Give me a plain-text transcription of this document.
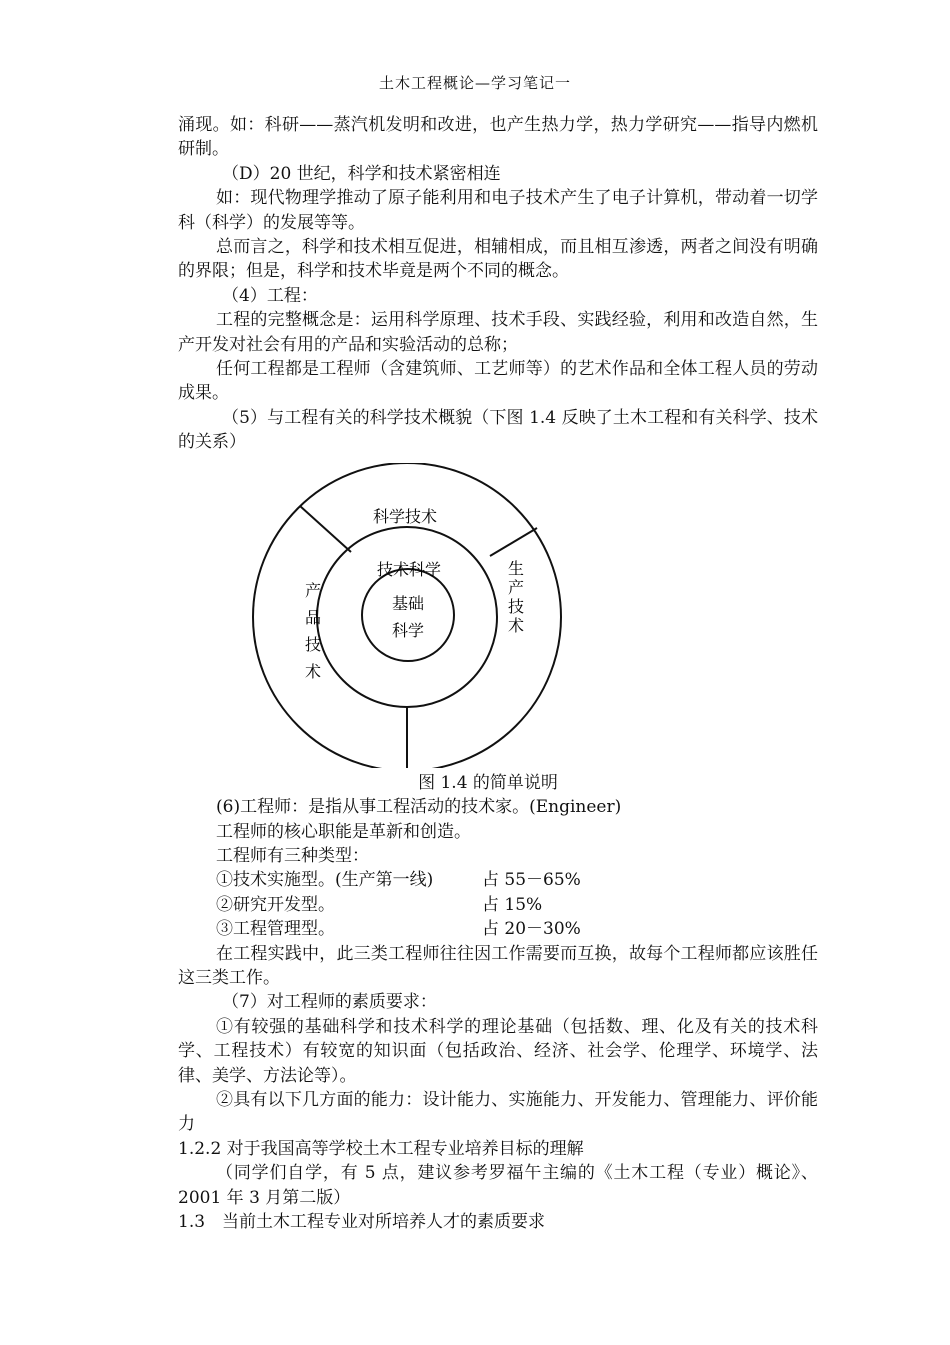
土木工程概论—学习笔记一

涌现。如：科研——蒸汽机发明和改进，也产生热力学，热力学研究——指导内燃机研制。

（D）20 世纪，科学和技术紧密相连

如：现代物理学推动了原子能利用和电子技术产生了电子计算机，带动着一切学科（科学）的发展等等。

总而言之，科学和技术相互促进，相辅相成，而且相互渗透，两者之间没有明确的界限；但是，科学和技术毕竟是两个不同的概念。

（4）工程：

工程的完整概念是：运用科学原理、技术手段、实践经验，利用和改造自然，生产开发对社会有用的产品和实验活动的总称；

任何工程都是工程师（含建筑师、工艺师等）的艺术作品和全体工程人员的劳动成果。

（5）与工程有关的科学技术概貌（下图 1.4 反映了土木工程和有关科学、技术的关系）

科学技术
技术科学
基础
科学
产
品
技
术
生
产
技
术

图 1.4 的简单说明

(6)工程师：是指从事工程活动的技术家。(Engineer)

工程师的核心职能是革新和创造。

工程师有三种类型：

①技术实施型。(生产第一线)	占 55－65%
②研究开发型。	占 15%
③工程管理型。	占 20－30%

在工程实践中，此三类工程师往往因工作需要而互换，故每个工程师都应该胜任这三类工作。

（7）对工程师的素质要求：

①有较强的基础科学和技术科学的理论基础（包括数、理、化及有关的技术科学、工程技术）有较宽的知识面（包括政治、经济、社会学、伦理学、环境学、法律、美学、方法论等）。

②具有以下几方面的能力：设计能力、实施能力、开发能力、管理能力、评价能力

1.2.2 对于我国高等学校土木工程专业培养目标的理解

（同学们自学，有 5 点，建议参考罗福午主编的《土木工程（专业）概论》、2001 年 3 月第二版）

1.3　当前土木工程专业对所培养人才的素质要求
